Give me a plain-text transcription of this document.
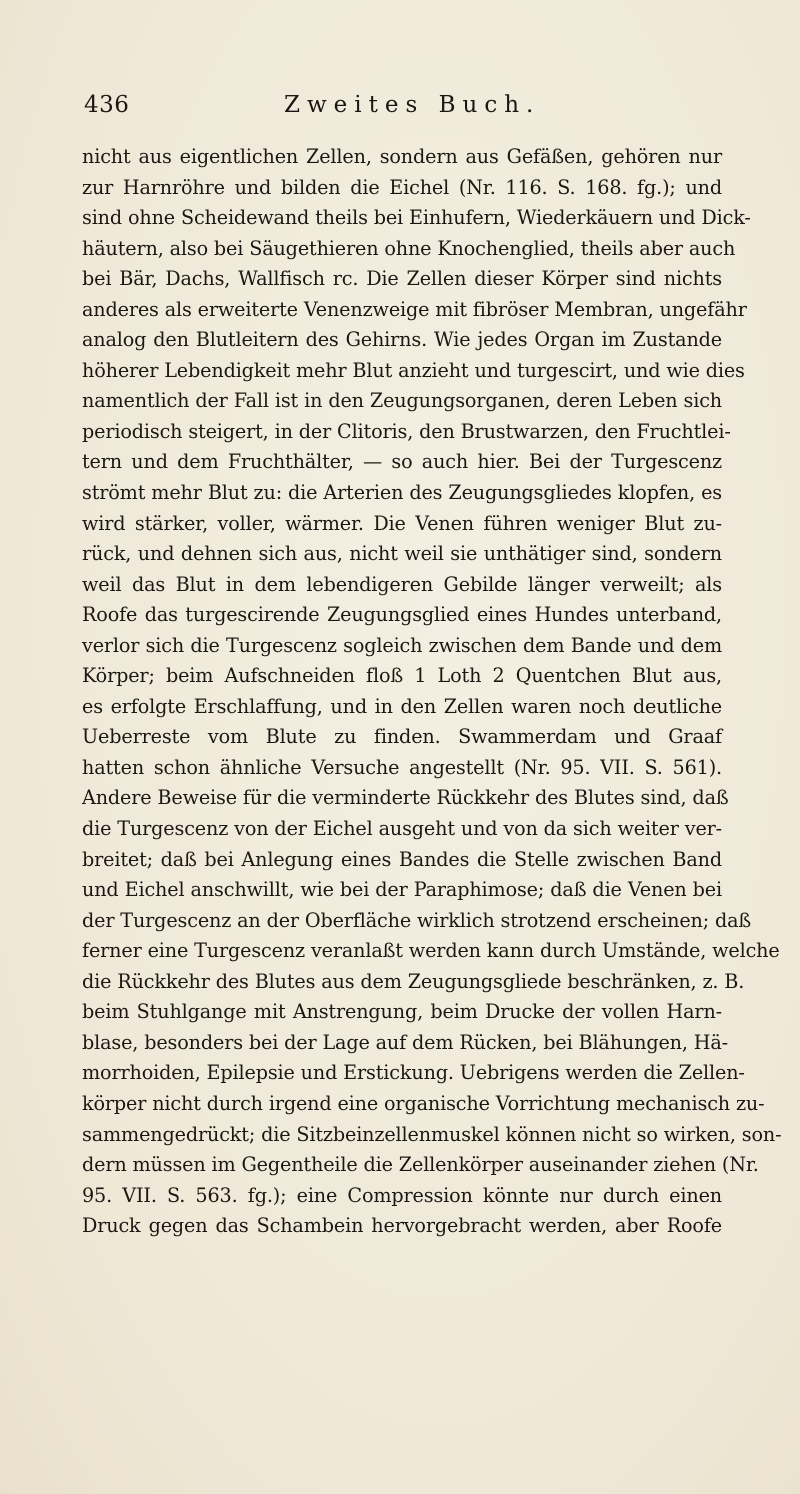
436	Zweites Buch.
nicht aus eigentlichen Zellen, sondern aus Gefäßen, gehören nur
zur Harnröhre und bilden die Eichel (Nr. 116. S. 168. fg.); und
sind ohne Scheidewand theils bei Einhufern, Wiederkäuern und Dick-
häutern, also bei Säugethieren ohne Knochenglied, theils aber auch
bei Bär, Dachs, Wallfisch rc. Die Zellen dieser Körper sind nichts
anderes als erweiterte Venenzweige mit fibröser Membran, ungefähr
analog den Blutleitern des Gehirns. Wie jedes Organ im Zustande
höherer Lebendigkeit mehr Blut anzieht und turgescirt, und wie dies
namentlich der Fall ist in den Zeugungsorganen, deren Leben sich
periodisch steigert, in der Clitoris, den Brustwarzen, den Fruchtlei-
tern und dem Fruchthälter, — so auch hier. Bei der Turgescenz
strömt mehr Blut zu: die Arterien des Zeugungsgliedes klopfen, es
wird stärker, voller, wärmer. Die Venen führen weniger Blut zu-
rück, und dehnen sich aus, nicht weil sie unthätiger sind, sondern
weil das Blut in dem lebendigeren Gebilde länger verweilt; als
Roofe das turgescirende Zeugungsglied eines Hundes unterband,
verlor sich die Turgescenz sogleich zwischen dem Bande und dem
Körper; beim Aufschneiden floß 1 Loth 2 Quentchen Blut aus,
es erfolgte Erschlaffung, und in den Zellen waren noch deutliche
Ueberreste vom Blute zu finden. Swammerdam und Graaf
hatten schon ähnliche Versuche angestellt (Nr. 95. VII. S. 561).
Andere Beweise für die verminderte Rückkehr des Blutes sind, daß
die Turgescenz von der Eichel ausgeht und von da sich weiter ver-
breitet; daß bei Anlegung eines Bandes die Stelle zwischen Band
und Eichel anschwillt, wie bei der Paraphimose; daß die Venen bei
der Turgescenz an der Oberfläche wirklich strotzend erscheinen; daß
ferner eine Turgescenz veranlaßt werden kann durch Umstände, welche
die Rückkehr des Blutes aus dem Zeugungsgliede beschränken, z. B.
beim Stuhlgange mit Anstrengung, beim Drucke der vollen Harn-
blase, besonders bei der Lage auf dem Rücken, bei Blähungen, Hä-
morrhoiden, Epilepsie und Erstickung. Uebrigens werden die Zellen-
körper nicht durch irgend eine organische Vorrichtung mechanisch zu-
sammengedrückt; die Sitzbeinzellenmuskel können nicht so wirken, son-
dern müssen im Gegentheile die Zellenkörper auseinander ziehen (Nr.
95. VII. S. 563. fg.); eine Compression könnte nur durch einen
Druck gegen das Schambein hervorgebracht werden, aber Roofe
